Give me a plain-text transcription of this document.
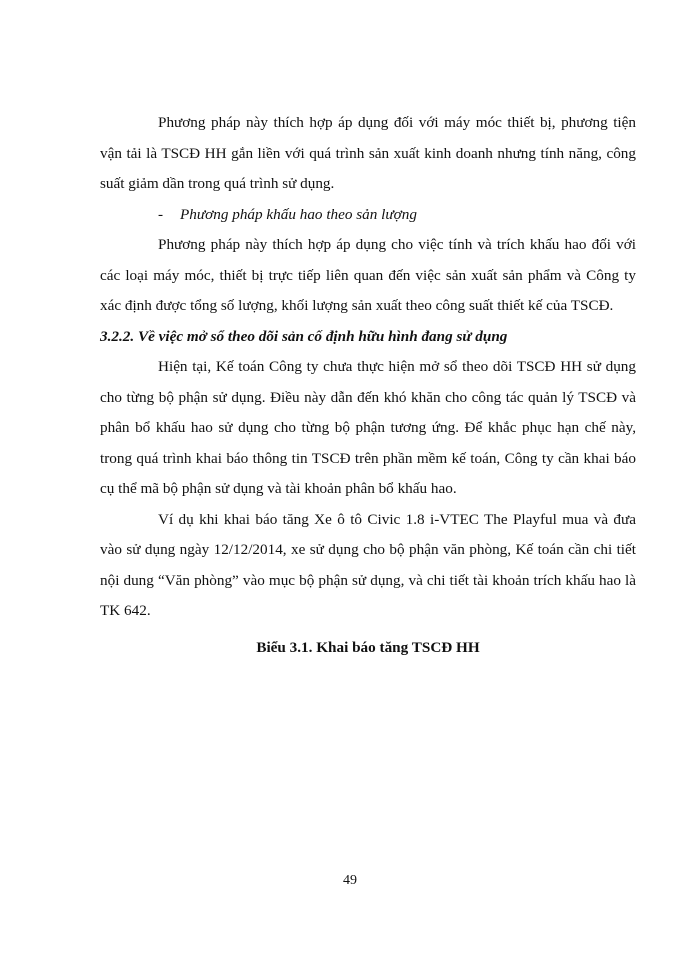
Phương pháp này thích hợp áp dụng đối với máy móc thiết bị, phương tiện vận tải là TSCĐ HH gắn liền với quá trình sản xuất kinh doanh nhưng tính năng, công suất giảm dần trong quá trình sử dụng.

-	Phương pháp khấu hao theo sản lượng

Phương pháp này thích hợp áp dụng cho việc tính và trích khấu hao đối với các loại máy móc, thiết bị trực tiếp liên quan đến việc sản xuất sản phẩm và Công ty xác định được tổng số lượng, khối lượng sản xuất theo công suất thiết kế của TSCĐ.

3.2.2. Về việc mở sổ theo dõi sản cố định hữu hình đang sử dụng

Hiện tại, Kế toán Công ty chưa thực hiện mở sổ theo dõi TSCĐ HH sử dụng cho từng bộ phận sử dụng. Điều này dẫn đến khó khăn cho công tác quản lý TSCĐ và phân bổ khấu hao sử dụng cho từng bộ phận tương ứng. Để khắc phục hạn chế này, trong quá trình khai báo thông tin TSCĐ trên phần mềm kế toán, Công ty cần khai báo cụ thể mã bộ phận sử dụng và tài khoản phân bổ khấu hao.

Ví dụ khi khai báo tăng Xe ô tô Civic 1.8 i-VTEC The Playful mua và đưa vào sử dụng ngày 12/12/2014, xe sử dụng cho bộ phận văn phòng, Kế toán cần chi tiết nội dung “Văn phòng” vào mục bộ phận sử dụng, và chi tiết tài khoản trích khấu hao là TK 642.

Biểu 3.1. Khai báo tăng TSCĐ HH

49
